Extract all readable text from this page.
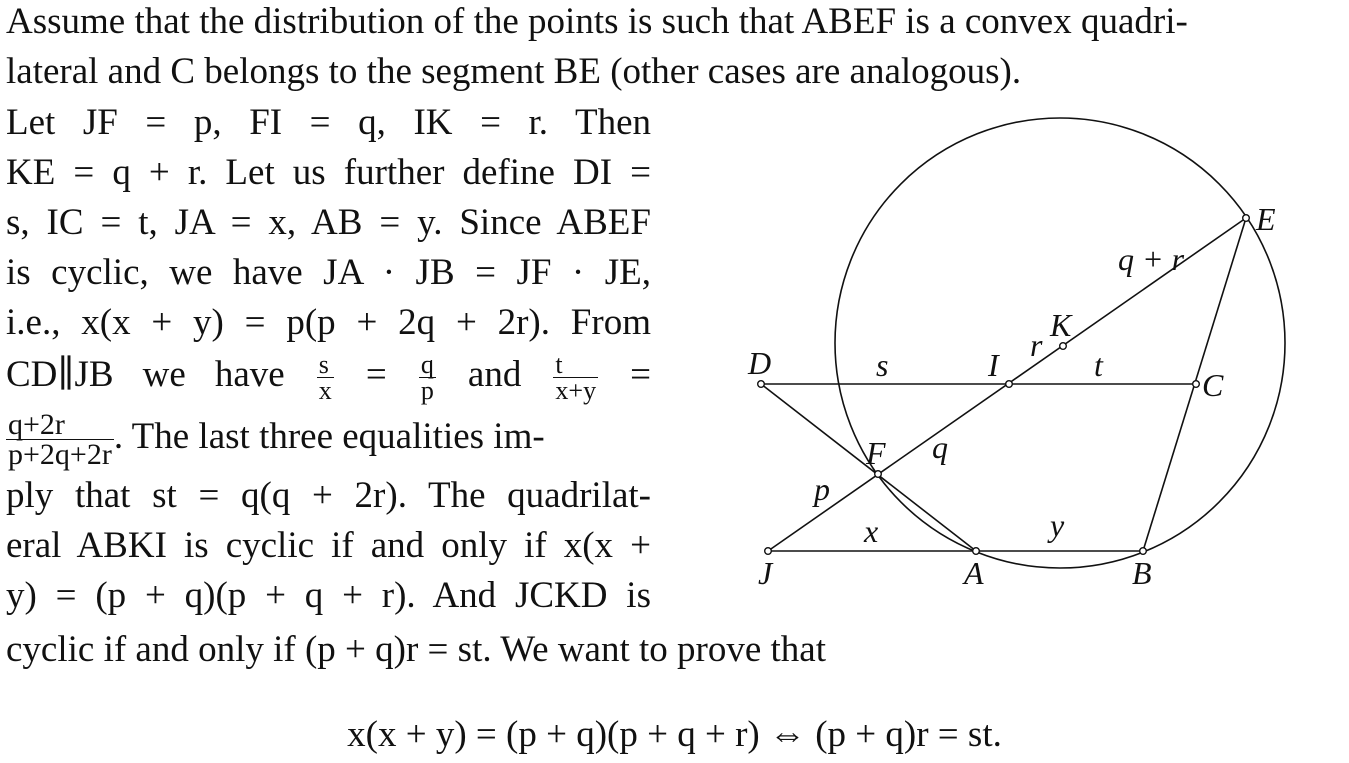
Assume that the distribution of the points is such that ABEF is a convex quadri-
lateral and C belongs to the segment BE (other cases are analogous).
Let JF = p, FI = q, IK = r. Then
KE = q + r. Let us further define DI =
s, IC = t, JA = x, AB = y. Since ABEF
is cyclic, we have JA · JB = JF · JE,
i.e., x(x + y) = p(p + 2q + 2r). From
CD∥JB we have $\frac{s}{x} = \frac{q}{p}$ and $\frac{t}{x+y}$ =
$\frac{q+2r}{p+2q+2r}$ . The last three equalities im-
ply that st = q(q + 2r). The quadrilat-
eral ABKI is cyclic if and only if x(x +
y) = (p + q)(p + q + r). And JCKD is
cyclic if and only if (p + q)r = st. We want to prove that
x(x + y) = (p + q)(p + q + r) ⇔ (p + q)r = st.
E
K
D	I
C
F
J	A	B
q + r
r
s	t
q
p
x	y
